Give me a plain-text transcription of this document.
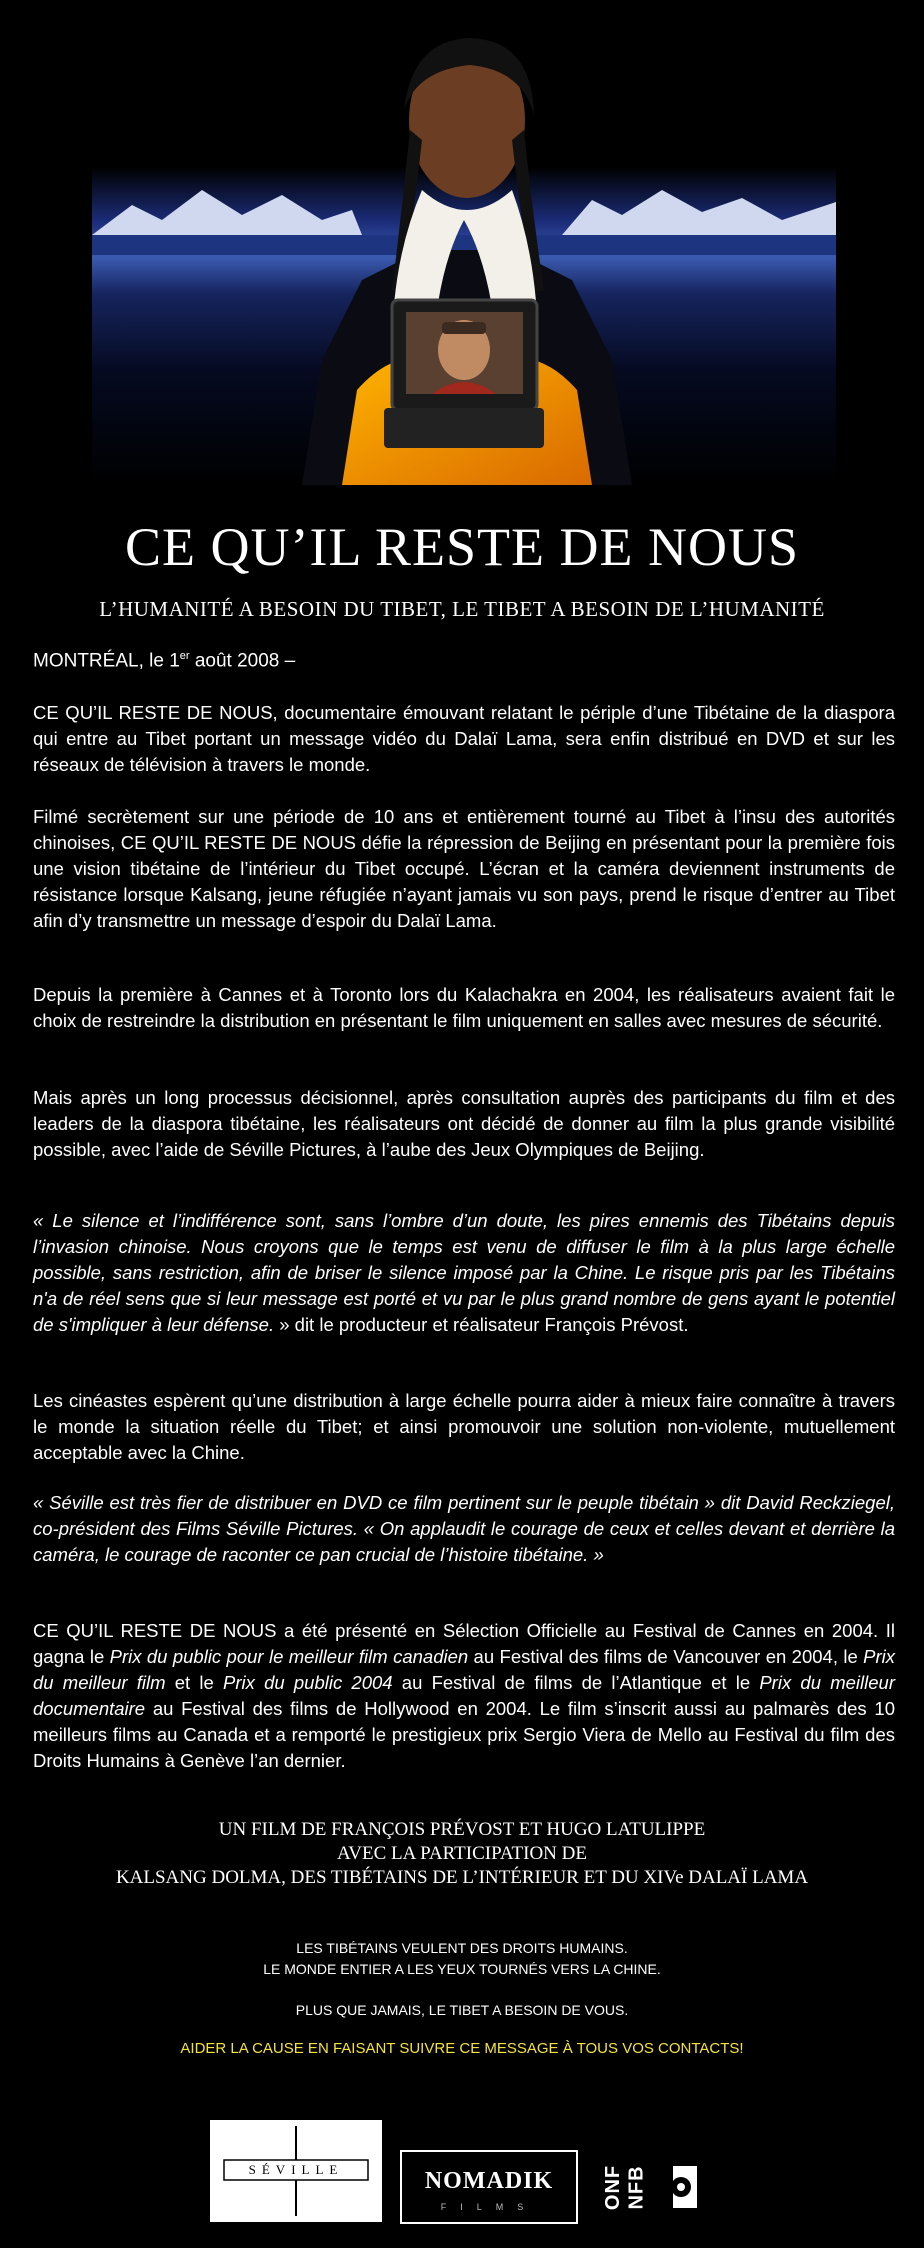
CE QU’IL RESTE DE NOUS
L’HUMANITÉ A BESOIN DU TIBET, LE TIBET A BESOIN DE L’HUMANITÉ
MONTRÉAL, le 1er août 2008 –

CE QU’IL RESTE DE NOUS, documentaire émouvant relatant le périple d’une Tibétaine de la diaspora qui entre au Tibet portant un message vidéo du Dalaï Lama, sera enfin distribué en DVD et sur les réseaux de télévision à travers le monde.

Filmé secrètement sur une période de 10 ans et entièrement tourné au Tibet à l’insu des autorités chinoises, CE QU’IL RESTE DE NOUS défie la répression de Beijing en présentant pour la première fois une vision tibétaine de l’intérieur du Tibet occupé. L’écran et la caméra deviennent instruments de résistance lorsque Kalsang, jeune réfugiée n’ayant jamais vu son pays, prend le risque d’entrer au Tibet afin d’y transmettre un message d’espoir du Dalaï Lama.

Depuis la première à Cannes et à Toronto lors du Kalachakra en 2004, les réalisateurs avaient fait le choix de restreindre la distribution en présentant le film uniquement en salles avec mesures de sécurité.

Mais après un long processus décisionnel, après consultation auprès des participants du film et des leaders de la diaspora tibétaine, les réalisateurs ont décidé de donner au film la plus grande visibilité possible, avec l’aide de Séville Pictures, à l’aube des Jeux Olympiques de Beijing.

« Le silence et l’indifférence sont, sans l’ombre d’un doute, les pires ennemis des Tibétains depuis l’invasion chinoise. Nous croyons que le temps est venu de diffuser le film à la plus large échelle possible, sans restriction, afin de briser le silence imposé par la Chine. Le risque pris par les Tibétains n'a de réel sens que si leur message est porté et vu par le plus grand nombre de gens ayant le potentiel de s'impliquer à leur défense. » dit le producteur et réalisateur François Prévost.

Les cinéastes espèrent qu’une distribution à large échelle pourra aider à mieux faire connaître à travers le monde la situation réelle du Tibet; et ainsi promouvoir une solution non-violente, mutuellement acceptable avec la Chine.

« Séville est très fier de distribuer en DVD ce film pertinent sur le peuple tibétain » dit David Reckziegel, co-président des Films Séville Pictures. « On applaudit le courage de ceux et celles devant et derrière la caméra, le courage de raconter ce pan crucial de l’histoire tibétaine. »

CE QU’IL RESTE DE NOUS a été présenté en Sélection Officielle au Festival de Cannes en 2004. Il gagna le Prix du public pour le meilleur film canadien au Festival des films de Vancouver en 2004, le Prix du meilleur film et le Prix du public 2004 au Festival de films de l’Atlantique et le Prix du meilleur documentaire au Festival des films de Hollywood en 2004. Le film s’inscrit aussi au palmarès des 10 meilleurs films au Canada et a remporté le prestigieux prix Sergio Viera de Mello au Festival du film des Droits Humains à Genève l’an dernier.

UN FILM DE FRANÇOIS PRÉVOST ET HUGO LATULIPPE
AVEC LA PARTICIPATION DE
KALSANG DOLMA, DES TIBÉTAINS DE L’INTÉRIEUR ET DU XIVe DALAÏ LAMA
LES TIBÉTAINS VEULENT DES DROITS HUMAINS.
LE MONDE ENTIER A LES YEUX TOURNÉS VERS LA CHINE.
PLUS QUE JAMAIS, LE TIBET A BESOIN DE VOUS.
AIDER LA CAUSE EN FAISANT SUIVRE CE MESSAGE À TOUS VOS CONTACTS!
SÉVILLE	NOMADIK
FILMS	ONF NFB
